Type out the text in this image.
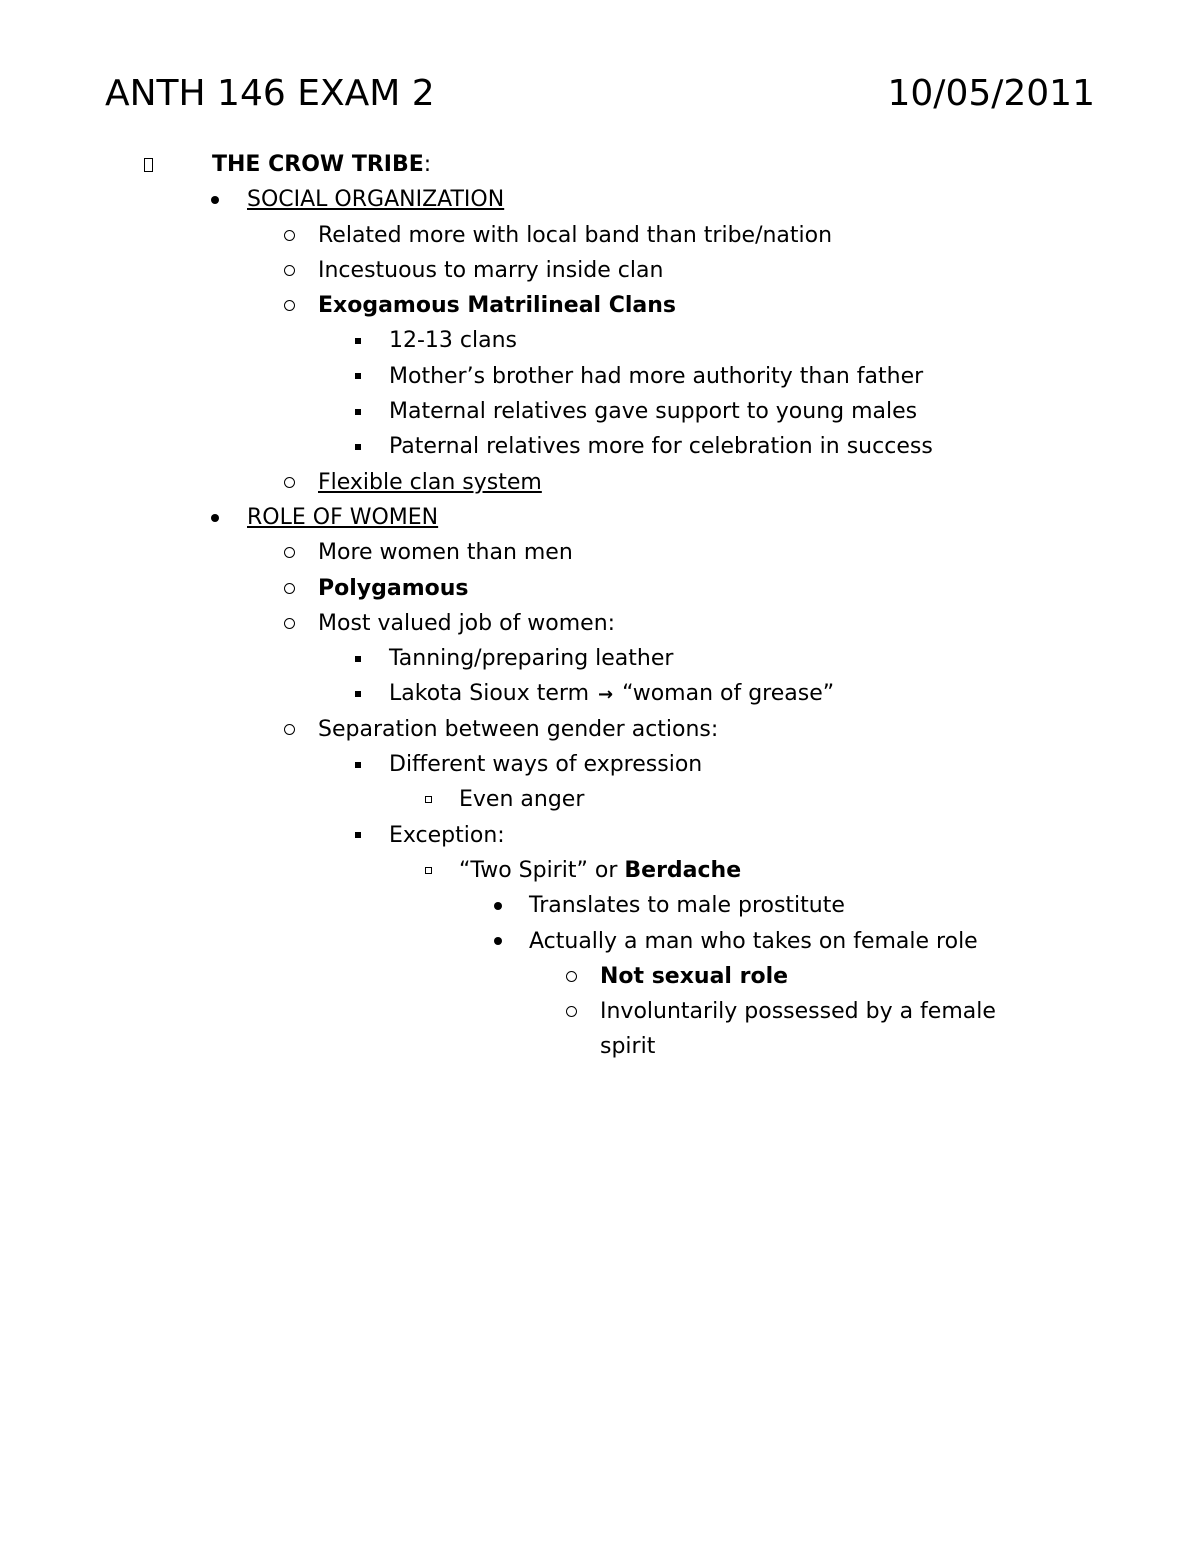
ANTH 146 EXAM 2	10/05/2011
THE CROW TRIBE:
SOCIAL ORGANIZATION
Related more with local band than tribe/nation
Incestuous to marry inside clan
Exogamous Matrilineal Clans
12-13 clans
Mother’s brother had more authority than father
Maternal relatives gave support to young males
Paternal relatives more for celebration in success
Flexible clan system
ROLE OF WOMEN
More women than men
Polygamous
Most valued job of women:
Tanning/preparing leather
Lakota Sioux term → “woman of grease”
Separation between gender actions:
Different ways of expression
Even anger
Exception:
“Two Spirit” or Berdache
Translates to male prostitute
Actually a man who takes on female role
Not sexual role
Involuntarily possessed by a female
spirit
